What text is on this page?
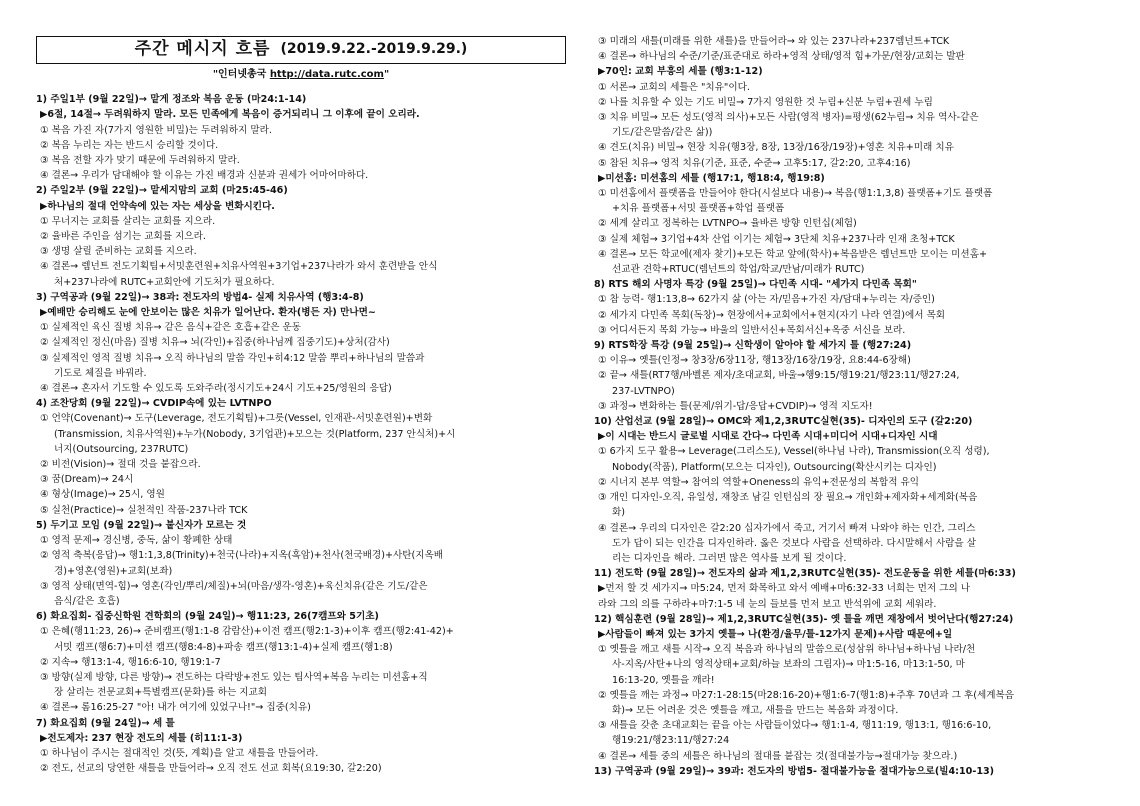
주간 메시지 흐름 (2019.9.22.-2019.9.29.)
"인터넷총국 http://data.rutc.com"
1) 주일1부 (9월 22일)→ 맡게 정조와 복음 운동 (마24:1-14)
▶6절, 14절→ 두려워하지 말라. 모든 민족에게 복음이 증거되리니 그 이후에 끝이 오리라.
① 복음 가진 자(7가지 영원한 비밀)는 두려워하지 말라.
② 복음 누리는 자는 반드시 승리할 것이다.
③ 복음 전할 자가 맞기 때문에 두려워하지 말라.
④ 결론→ 우리가 담대해야 할 이유는 가진 배경과 신분과 권세가 어마어마하다.
2) 주일2부 (9월 22일)→ 맡세지맘의 교회 (마25:45-46)
▶하나님의 절대 언약속에 있는 자는 세상을 변화시킨다.
① 무너지는 교회를 살리는 교회를 지으라.
② 율바른 주인을 섬기는 교회를 지으라.
③ 생명 살릴 준비하는 교회를 지으라.
④ 결론→ 렘넌트 전도기획팀+서밋훈련원+치유사역원+3기업+237나라가 와서 훈련받을 안식
처+237나라에 RUTC+교회안에 기도처가 필요하다.
3) 구역공과 (9월 22일)→ 38과: 전도자의 방법4- 실제 치유사역 (행3:4-8)
▶예배만 승리해도 눈에 안보이는 많은 치유가 일어난다. 환자(병든 자) 만나면~
① 실제적인 육신 질병 치유→ 같은 음식+같은 호흡+같은 운동
② 실제적인 정신(마음) 질병 치유→ 뇌(각인)+집중(하나님께 집중기도)+상처(감사)
③ 실제적인 영적 질병 치유→ 오직 하나님의 말씀 각인+히4:12 말씀 뿌리+하나님의 말씀과
기도로 체질을 바꿔라.
④ 결론→ 혼자서 기도할 수 있도록 도와주라(정시기도+24시 기도+25/영원의 응답)
4) 조찬당회 (9월 22일)→ CVDIP속에 있는 LVTNPO
① 언약(Covenant)→ 도구(Leverage, 전도기획팀)+그릇(Vessel, 인재관-서밋훈련원)+변화
(Transmission, 치유사역원)+누가(Nobody, 3기업관)+모으는 것(Platform, 237 안식처)+시
너지(Outsourcing, 237RUTC)
② 비전(Vision)→ 절대 것을 붙잡으라.
③ 꿈(Dream)→ 24시
④ 형상(Image)→ 25시, 영원
⑤ 실천(Practice)→ 실천적인 작품-237나라 TCK
5) 두기고 모임 (9월 22일)→ 붙신자가 모르는 것
① 영적 문제→ 경신병, 중독, 삶이 황폐한 상태
② 영적 축복(응답)→ 행1:1,3,8(Trinity)+천국(나라)+지옥(흑암)+천사(천국배경)+사탄(지옥배
경)+영혼(영원)+교회(보좌)
③ 영적 상태(면역-힘)→ 영혼(각인/뿌리/체질)+뇌(마음/생각-영혼)+육신치유(같은 기도/같은
음식/같은 호흡)
6) 화요집회- 집중신학원 견학회의 (9월 24일)→ 행11:23, 26(7캠프와 5기초)
① 은혜(행11:23, 26)→ 준비캠프(행1:1-8 감람산)+이전 캠프(행2:1-3)+이후 캠프(행2:41-42)+
서밋 캠프(행6:7)+미션 캠프(행8:4-8)+파송 캠프(행13:1-4)+실제 캠프(행1:8)
② 지속→ 행13:1-4, 행16:6-10, 행19:1-7
③ 방향(실제 방향, 다른 방향)→ 전도하는 다락방+전도 있는 팀사역+복음 누리는 미션홈+직
장 살리는 전문교회+특별캠프(문화)를 하는 지교회
④ 결론→ 롬16:25-27 "아! 내가 여기에 있었구나!"→ 집중(치유)
7) 화요집회 (9월 24일)→ 세 틀
▶전도제자: 237 현장 전도의 세틀 (히11:1-3)
① 하나님이 주시는 절대적인 것(뜻, 계획)을 알고 새틀을 만들어라.
② 전도, 선교의 당연한 새틀을 만들어라→ 오직 전도 선교 회복(요19:30, 갈2:20)
③ 미래의 새틀(미래를 위한 새틀)을 만들어라→ 와 있는 237나라+237렘넌트+TCK
④ 결론→ 하나님의 수준/기준/표준대로 하라+영적 상태/영적 힘+가문/현장/교회는 발판
▶70인: 교회 부흥의 세틀 (행3:1-12)
① 서론→ 교회의 세틀은 "치유"이다.
② 나를 치유할 수 있는 기도 비밀→ 7가지 영원한 것 누림+신분 누림+권세 누림
③ 치유 비밀→ 모든 성도(영적 의사)+모든 사람(영적 병자)=평생(62누림→ 치유 역사-같은
기도/같은말씀/같은 삶))
④ 견도(치유) 비밀→ 현장 치유(행3장, 8장, 13장/16장/19장)+영혼 치유+미래 치유
⑤ 참된 치유→ 영적 치유(기준, 표준, 수준→ 고후5:17, 갈2:20, 고후4:16)
▶미션홈: 미션홈의 세틀 (행17:1, 행18:4, 행19:8)
① 미션홈에서 플랫폼을 만들어야 한다(시설보다 내용)→ 복음(행1:1,3,8) 플랫폼+기도 플랫폼
+치유 플랫폼+서밋 플랫폼+학업 플랫폼
② 세계 살리고 정복하는 LVTNPO→ 율바른 방향 인턴십(체험)
③ 실제 체험→ 3기업+4차 산업 이기는 체험→ 3단체 치유+237나라 인재 초청+TCK
④ 결론→ 모든 학교에(제자 찾기)+모든 학교 앞에(학사)+복음받은 렘넌트만 모이는 미션홈+
선교관 견학+RTUC(렘넌트의 학업/학교/만남/미래가 RUTC)
8) RTS 해외 사명자 특강 (9월 25일)→ 다민족 시대- "세가지 다민족 목회"
① 참 능력- 행1:13,8→ 62가지 삶 (아는 자/믿음+가진 자/담대+누리는 자/증인)
② 세가지 다민족 목회(독창)→ 현장에서+교회에서+현지(자기 나라 연결)에서 목회
③ 어디서든지 목회 가능→ 바울의 일반서신+목회서신+옥중 서신을 보라.
9) RTS학장 특강 (9월 25일)→ 신학생이 알아야 할 세가지 틀 (행27:24)
① 이유→ 옛틀(인정→ 창3장/6장11장, 행13장/16장/19장, 요8:44-6장해)
② 끝→ 새틀(RT7행/바벨론 제자/초대교회, 바울→행9:15/행19:21/행23:11/행27:24,
237-LVTNPO)
③ 과정→ 변화하는 틀(문제/위기-답/응답+CVDIP)→ 영적 지도자!
10) 산업선교 (9월 28일)→ OMC와 제1,2,3RUTC실현(35)- 디자인의 도구 (갈2:20)
▶이 시대는 반드시 글로벌 시대로 간다→ 다민족 시대+미디어 시대+디자인 시대
① 6가지 도구 활용→ Leverage(그리스도), Vessel(하나님 나라), Transmission(오직 성령),
Nobody(작품), Platform(모으는 디자인), Outsourcing(확산시키는 디자인)
② 시너지 본부 역할→ 참여의 역할+Oneness의 유익+전문성의 복합적 유익
③ 개인 디자인-오직, 유일성, 재창조 남길 인턴십의 장 필요→ 개인화+제자화+세계화(복음
화)
④ 결론→ 우리의 디자인은 갈2:20 십자가에서 죽고, 거기서 빠져 나와야 하는 인간, 그리스
도가 답이 되는 인간을 디자인하라. 옳은 것보다 사람을 선택하라. 다시말해서 사람을 살
리는 디자인을 해라. 그러면 많은 역사를 보게 될 것이다.
11) 전도학 (9월 28일)→ 전도자의 삶과 제1,2,3RUTC실현(35)- 전도운동을 위한 세틀(마6:33)
▶먼저 할 것 세가지→ 마5:24, 먼저 화목하고 와서 예배+마6:32-33 너희는 먼저 그의 나
라와 그의 의를 구하라+마7:1-5 네 눈의 들보를 먼저 보고 반석위에 교회 세워라.
12) 핵심훈련 (9월 28일)→ 제1,2,3RUTC실현(35)- 옛 틀을 깨면 재창에서 벗어난다(행27:24)
▶사람들이 빠져 있는 3가지 옛틀→ 나(환경/율무/틀-12가지 문제)+사람 때문에+일
① 옛틀을 깨고 새틀 시작→ 오직 복음과 하나님의 말씀으로(성삼위 하나님+하나님 나라/천
사-지옥/사탄+나의 영적상태+교회/하늘 보좌의 그림자)→ 마1:5-16, 마13:1-50, 마
16:13-20, 옛틀을 깨라!
② 옛틀을 깨는 과정→ 마27:1-28:15(마28:16-20)+행1:6-7(행1:8)+주후 70년과 그 후(세계복음
화)→ 모든 어려운 것은 옛틀을 깨고, 새틀을 만드는 복음화 과정이다.
③ 새틀을 갖춘 초대교회는 끝을 아는 사람들이었다→ 행1:1-4, 행11:19, 행13:1, 행16:6-10,
행19:21/행23:11/행27:24
④ 결론→ 세틀 중의 세틀은 하나님의 절대를 붙잡는 것(절대불가능→절대가능 찾으라.)
13) 구역공과 (9월 29일)→ 39과: 전도자의 방법5- 절대불가능을 절대가능으로(빌4:10-13)
